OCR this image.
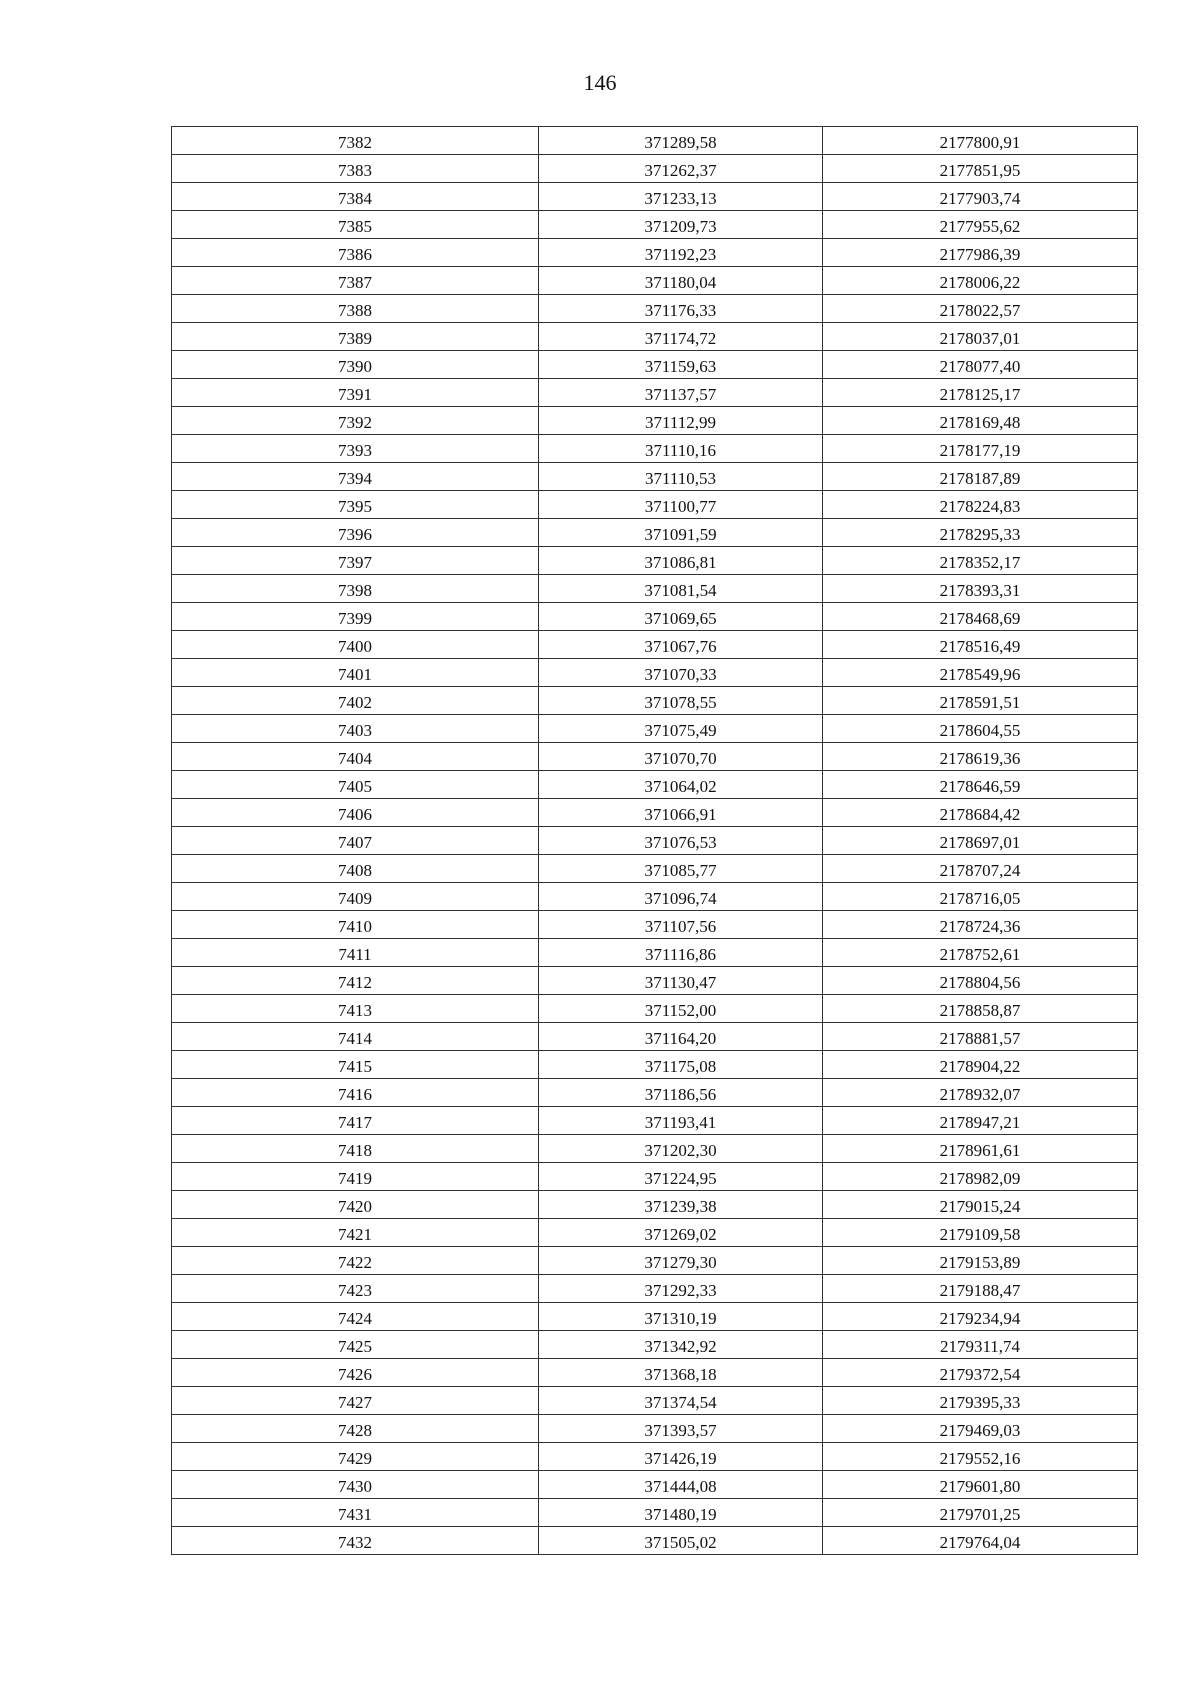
146
7382	371289,58	2177800,91
7383	371262,37	2177851,95
7384	371233,13	2177903,74
7385	371209,73	2177955,62
7386	371192,23	2177986,39
7387	371180,04	2178006,22
7388	371176,33	2178022,57
7389	371174,72	2178037,01
7390	371159,63	2178077,40
7391	371137,57	2178125,17
7392	371112,99	2178169,48
7393	371110,16	2178177,19
7394	371110,53	2178187,89
7395	371100,77	2178224,83
7396	371091,59	2178295,33
7397	371086,81	2178352,17
7398	371081,54	2178393,31
7399	371069,65	2178468,69
7400	371067,76	2178516,49
7401	371070,33	2178549,96
7402	371078,55	2178591,51
7403	371075,49	2178604,55
7404	371070,70	2178619,36
7405	371064,02	2178646,59
7406	371066,91	2178684,42
7407	371076,53	2178697,01
7408	371085,77	2178707,24
7409	371096,74	2178716,05
7410	371107,56	2178724,36
7411	371116,86	2178752,61
7412	371130,47	2178804,56
7413	371152,00	2178858,87
7414	371164,20	2178881,57
7415	371175,08	2178904,22
7416	371186,56	2178932,07
7417	371193,41	2178947,21
7418	371202,30	2178961,61
7419	371224,95	2178982,09
7420	371239,38	2179015,24
7421	371269,02	2179109,58
7422	371279,30	2179153,89
7423	371292,33	2179188,47
7424	371310,19	2179234,94
7425	371342,92	2179311,74
7426	371368,18	2179372,54
7427	371374,54	2179395,33
7428	371393,57	2179469,03
7429	371426,19	2179552,16
7430	371444,08	2179601,80
7431	371480,19	2179701,25
7432	371505,02	2179764,04
